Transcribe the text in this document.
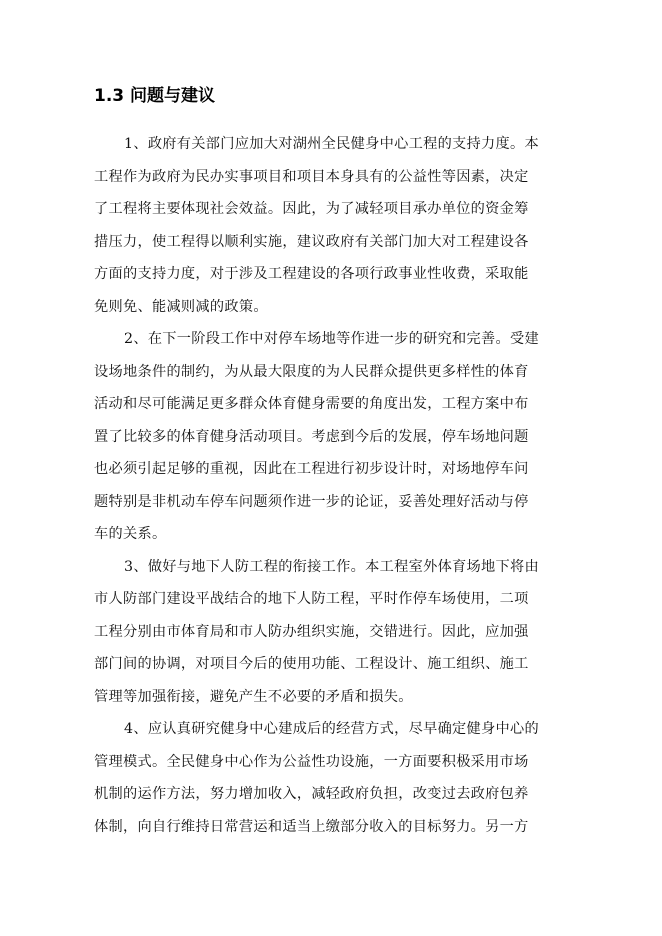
1.3 问题与建议
1、政府有关部门应加大对湖州全民健身中心工程的支持力度。本
工程作为政府为民办实事项目和项目本身具有的公益性等因素，决定
了工程将主要体现社会效益。因此，为了减轻项目承办单位的资金筹
措压力，使工程得以顺利实施，建议政府有关部门加大对工程建设各
方面的支持力度，对于涉及工程建设的各项行政事业性收费，采取能
免则免、能减则减的政策。
2、在下一阶段工作中对停车场地等作进一步的研究和完善。受建
设场地条件的制约，为从最大限度的为人民群众提供更多样性的体育
活动和尽可能满足更多群众体育健身需要的角度出发，工程方案中布
置了比较多的体育健身活动项目。考虑到今后的发展，停车场地问题
也必须引起足够的重视，因此在工程进行初步设计时，对场地停车问
题特别是非机动车停车问题须作进一步的论证，妥善处理好活动与停
车的关系。
3、做好与地下人防工程的衔接工作。本工程室外体育场地下将由
市人防部门建设平战结合的地下人防工程，平时作停车场使用，二项
工程分别由市体育局和市人防办组织实施，交错进行。因此，应加强
部门间的协调，对项目今后的使用功能、工程设计、施工组织、施工
管理等加强衔接，避免产生不必要的矛盾和损失。
4、应认真研究健身中心建成后的经营方式，尽早确定健身中心的
管理模式。全民健身中心作为公益性功设施，一方面要积极采用市场
机制的运作方法，努力增加收入，减轻政府负担，改变过去政府包养
体制，向自行维持日常营运和适当上缴部分收入的目标努力。另一方
